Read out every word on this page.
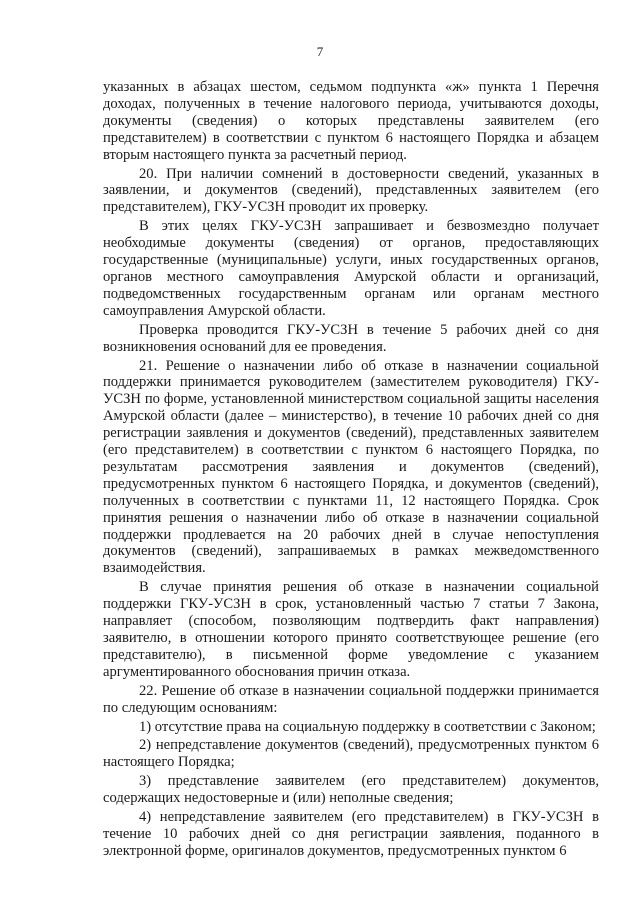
7

указанных в абзацах шестом, седьмом подпункта «ж» пункта 1 Перечня доходах, полученных в течение налогового периода, учитываются доходы, документы (сведения) о которых представлены заявителем (его представителем) в соответствии с пунктом 6 настоящего Порядка и абзацем вторым настоящего пункта за расчетный период.

20. При наличии сомнений в достоверности сведений, указанных в заявлении, и документов (сведений), представленных заявителем (его представителем), ГКУ-УСЗН проводит их проверку.

В этих целях ГКУ-УСЗН запрашивает и безвозмездно получает необходимые документы (сведения) от органов, предоставляющих государственные (муниципальные) услуги, иных государственных органов, органов местного самоуправления Амурской области и организаций, подведомственных государственным органам или органам местного самоуправления Амурской области.

Проверка проводится ГКУ-УСЗН в течение 5 рабочих дней со дня возникновения оснований для ее проведения.

21. Решение о назначении либо об отказе в назначении социальной поддержки принимается руководителем (заместителем руководителя) ГКУ-УСЗН по форме, установленной министерством социальной защиты населения Амурской области (далее – министерство), в течение 10 рабочих дней со дня регистрации заявления и документов (сведений), представленных заявителем (его представителем) в соответствии с пунктом 6 настоящего Порядка, по результатам рассмотрения заявления и документов (сведений), предусмотренных пунктом 6 настоящего Порядка, и документов (сведений), полученных в соответствии с пунктами 11, 12 настоящего Порядка. Срок принятия решения о назначении либо об отказе в назначении социальной поддержки продлевается на 20 рабочих дней в случае непоступления документов (сведений), запрашиваемых в рамках межведомственного взаимодействия.

В случае принятия решения об отказе в назначении социальной поддержки ГКУ-УСЗН в срок, установленный частью 7 статьи 7 Закона, направляет (способом, позволяющим подтвердить факт направления) заявителю, в отношении которого принято соответствующее решение (его представителю), в письменной форме уведомление с указанием аргументированного обоснования причин отказа.

22. Решение об отказе в назначении социальной поддержки принимается по следующим основаниям:

1) отсутствие права на социальную поддержку в соответствии с Законом;

2) непредставление документов (сведений), предусмотренных пунктом 6 настоящего Порядка;

3) представление заявителем (его представителем) документов, содержащих недостоверные и (или) неполные сведения;

4) непредставление заявителем (его представителем) в ГКУ-УСЗН в течение 10 рабочих дней со дня регистрации заявления, поданного в электронной форме, оригиналов документов, предусмотренных пунктом 6
